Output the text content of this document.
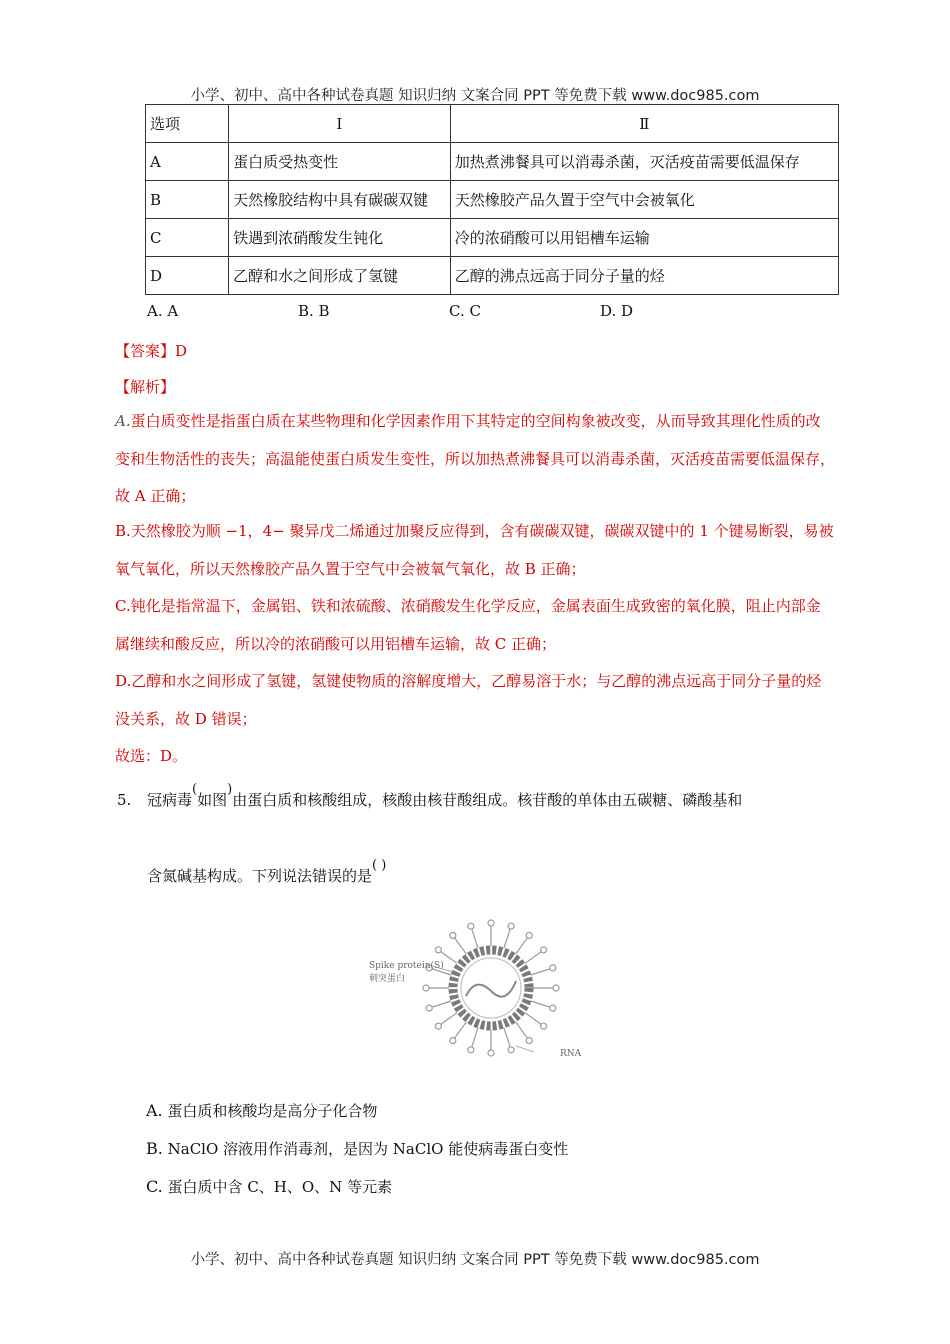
小学、初中、高中各种试卷真题 知识归纳 文案合同 PPT 等免费下载 www.doc985.com
选项	Ⅰ	Ⅱ
A	蛋白质受热变性	加热煮沸餐具可以消毒杀菌，灭活疫苗需要低温保存
B	天然橡胶结构中具有碳碳双键	天然橡胶产品久置于空气中会被氧化
C	铁遇到浓硝酸发生钝化	冷的浓硝酸可以用铝槽车运输
D	乙醇和水之间形成了氢键	乙醇的沸点远高于同分子量的烃
A. A	B. B	C. C	D. D
【答案】D
【解析】

A.蛋白质变性是指蛋白质在某些物理和化学因素作用下其特定的空间构象被改变，从而导致其理化性质的改变和生物活性的丧失；高温能使蛋白质发生变性，所以加热煮沸餐具可以消毒杀菌，灭活疫苗需要低温保存，故 A 正确；

B.天然橡胶为顺 −1，4− 聚异戊二烯通过加聚反应得到，含有碳碳双键，碳碳双键中的 1 个键易断裂，易被氧气氧化，所以天然橡胶产品久置于空气中会被氧气氧化，故 B 正确；

C.钝化是指常温下，金属铝、铁和浓硫酸、浓硝酸发生化学反应，金属表面生成致密的氧化膜，阻止内部金属继续和酸反应，所以冷的浓硝酸可以用铝槽车运输，故 C 正确；

D.乙醇和水之间形成了氢键，氢键使物质的溶解度增大，乙醇易溶于水；与乙醇的沸点远高于同分子量的烃没关系，故 D 错误；

故选：D。

5. 冠病毒(如图)由蛋白质和核酸组成，核酸由核苷酸组成。核苷酸的单体由五碳糖、磷酸基和
含氮碱基构成。下列说法错误的是( )
Spike protein(S)
刺突蛋白
RNA
A. 蛋白质和核酸均是高分子化合物
B. NaClO 溶液用作消毒剂，是因为 NaClO 能使病毒蛋白变性
C. 蛋白质中含 C、H、O、N 等元素
小学、初中、高中各种试卷真题 知识归纳 文案合同 PPT 等免费下载 www.doc985.com
